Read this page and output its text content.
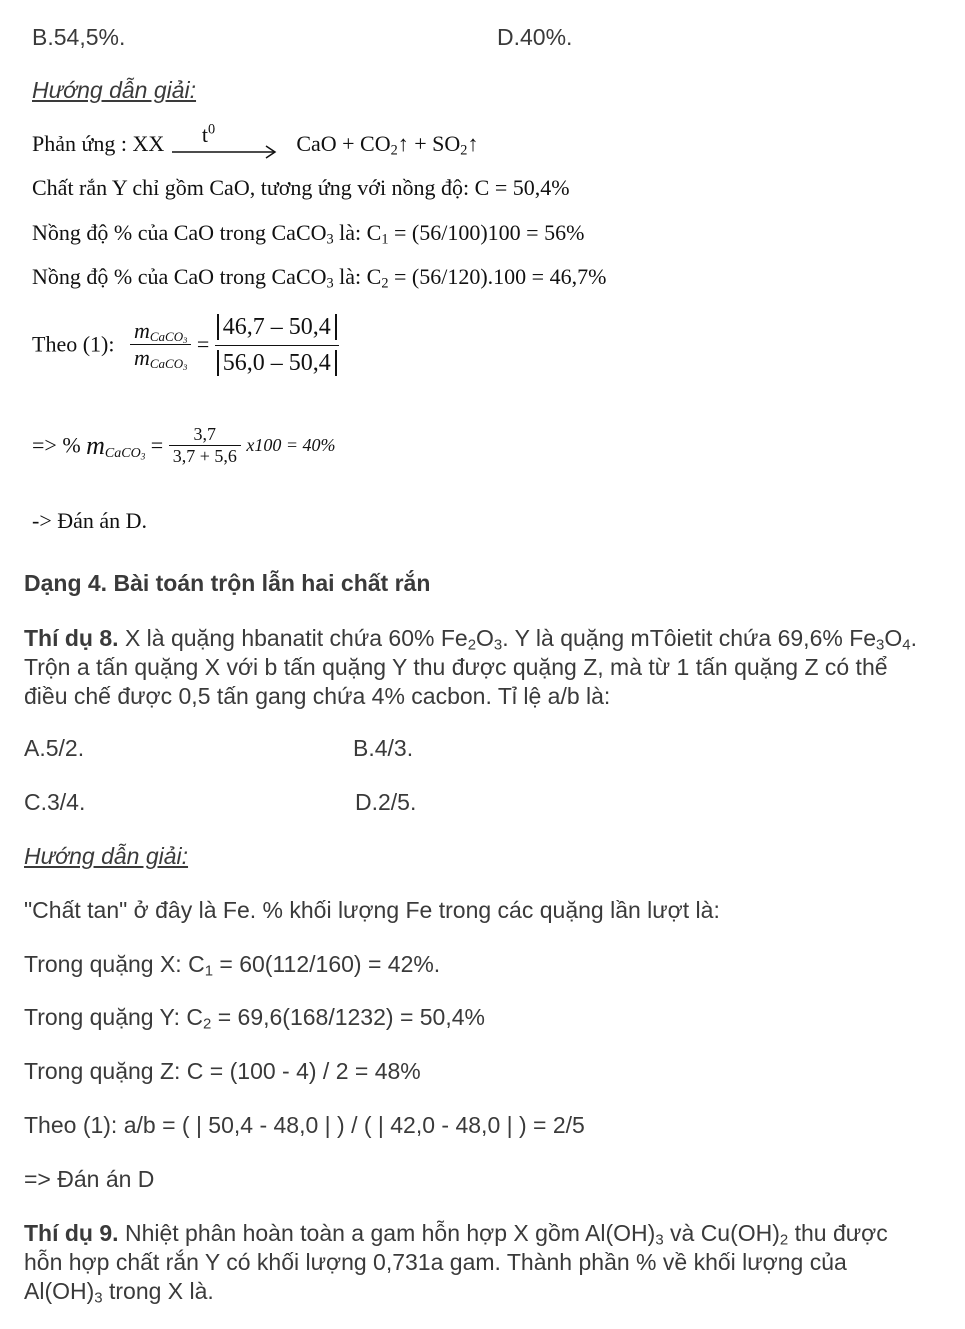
B.54,5%.	D.40%.
Hướng dẫn giải:
Phản ứng : XX $t^0$
CaO + $CO_2↑$ + $SO_2↑$
Chất rắn Y chỉ gồm CaO, tương ứng với nồng độ: C = 50,4%
Nồng độ % của CaO trong CaCO$_3$ là: $C_1 = (56/100)100 = 56\%$
Nồng độ % của CaO trong CaCO$_3$ là: $C_2 = (56/120).100 = 46,7\%$
Theo (1): $\frac{m_{CaCO_3}}{m_{CaCO_3}} = \frac{46,7 - 50,4}{56,0 - 50,4}$
=> % $m_{CaCO_3} = \frac{3,7}{3,7 + 5,6} x100 = 40\%$
-> Đán án D.
Dạng 4. Bài toán trộn lẫn hai chất rắn
Thí dụ 8. X là quặng hbanatit chứa 60% $Fe_2O_3$. Y là quặng mTôietit chứa 69,6% $Fe_3O_4$. Trộn a tấn quặng X với b tấn quặng Y thu được quặng Z, mà từ 1 tấn quặng Z có thể điều chế được 0,5 tấn gang chứa 4% cacbon. Tỉ lệ a/b là:
A.5/2.	B.4/3.
C.3/4.	D.2/5.
Hướng dẫn giải:
"Chất tan" ở đây là Fe. % khối lượng Fe trong các quặng lần lượt là:
Trong quặng X: $C_1 = 60(112/160) = 42\%$.
Trong quặng Y: $C_2 = 69,6(168/1232) = 50,4\%$
Trong quặng Z: C = (100 - 4) / 2 = 48%
Theo (1): a/b = ( | 50,4 - 48,0 | ) / ( | 42,0 - 48,0 | ) = 2/5
=> Đán án D
Thí dụ 9. Nhiệt phân hoàn toàn a gam hỗn hợp X gồm $Al(OH)_3$ và $Cu(OH)_2$ thu được hỗn hợp chất rắn Y có khối lượng 0,731a gam. Thành phần % về khối lượng của $Al(OH)_3$ trong X là.
